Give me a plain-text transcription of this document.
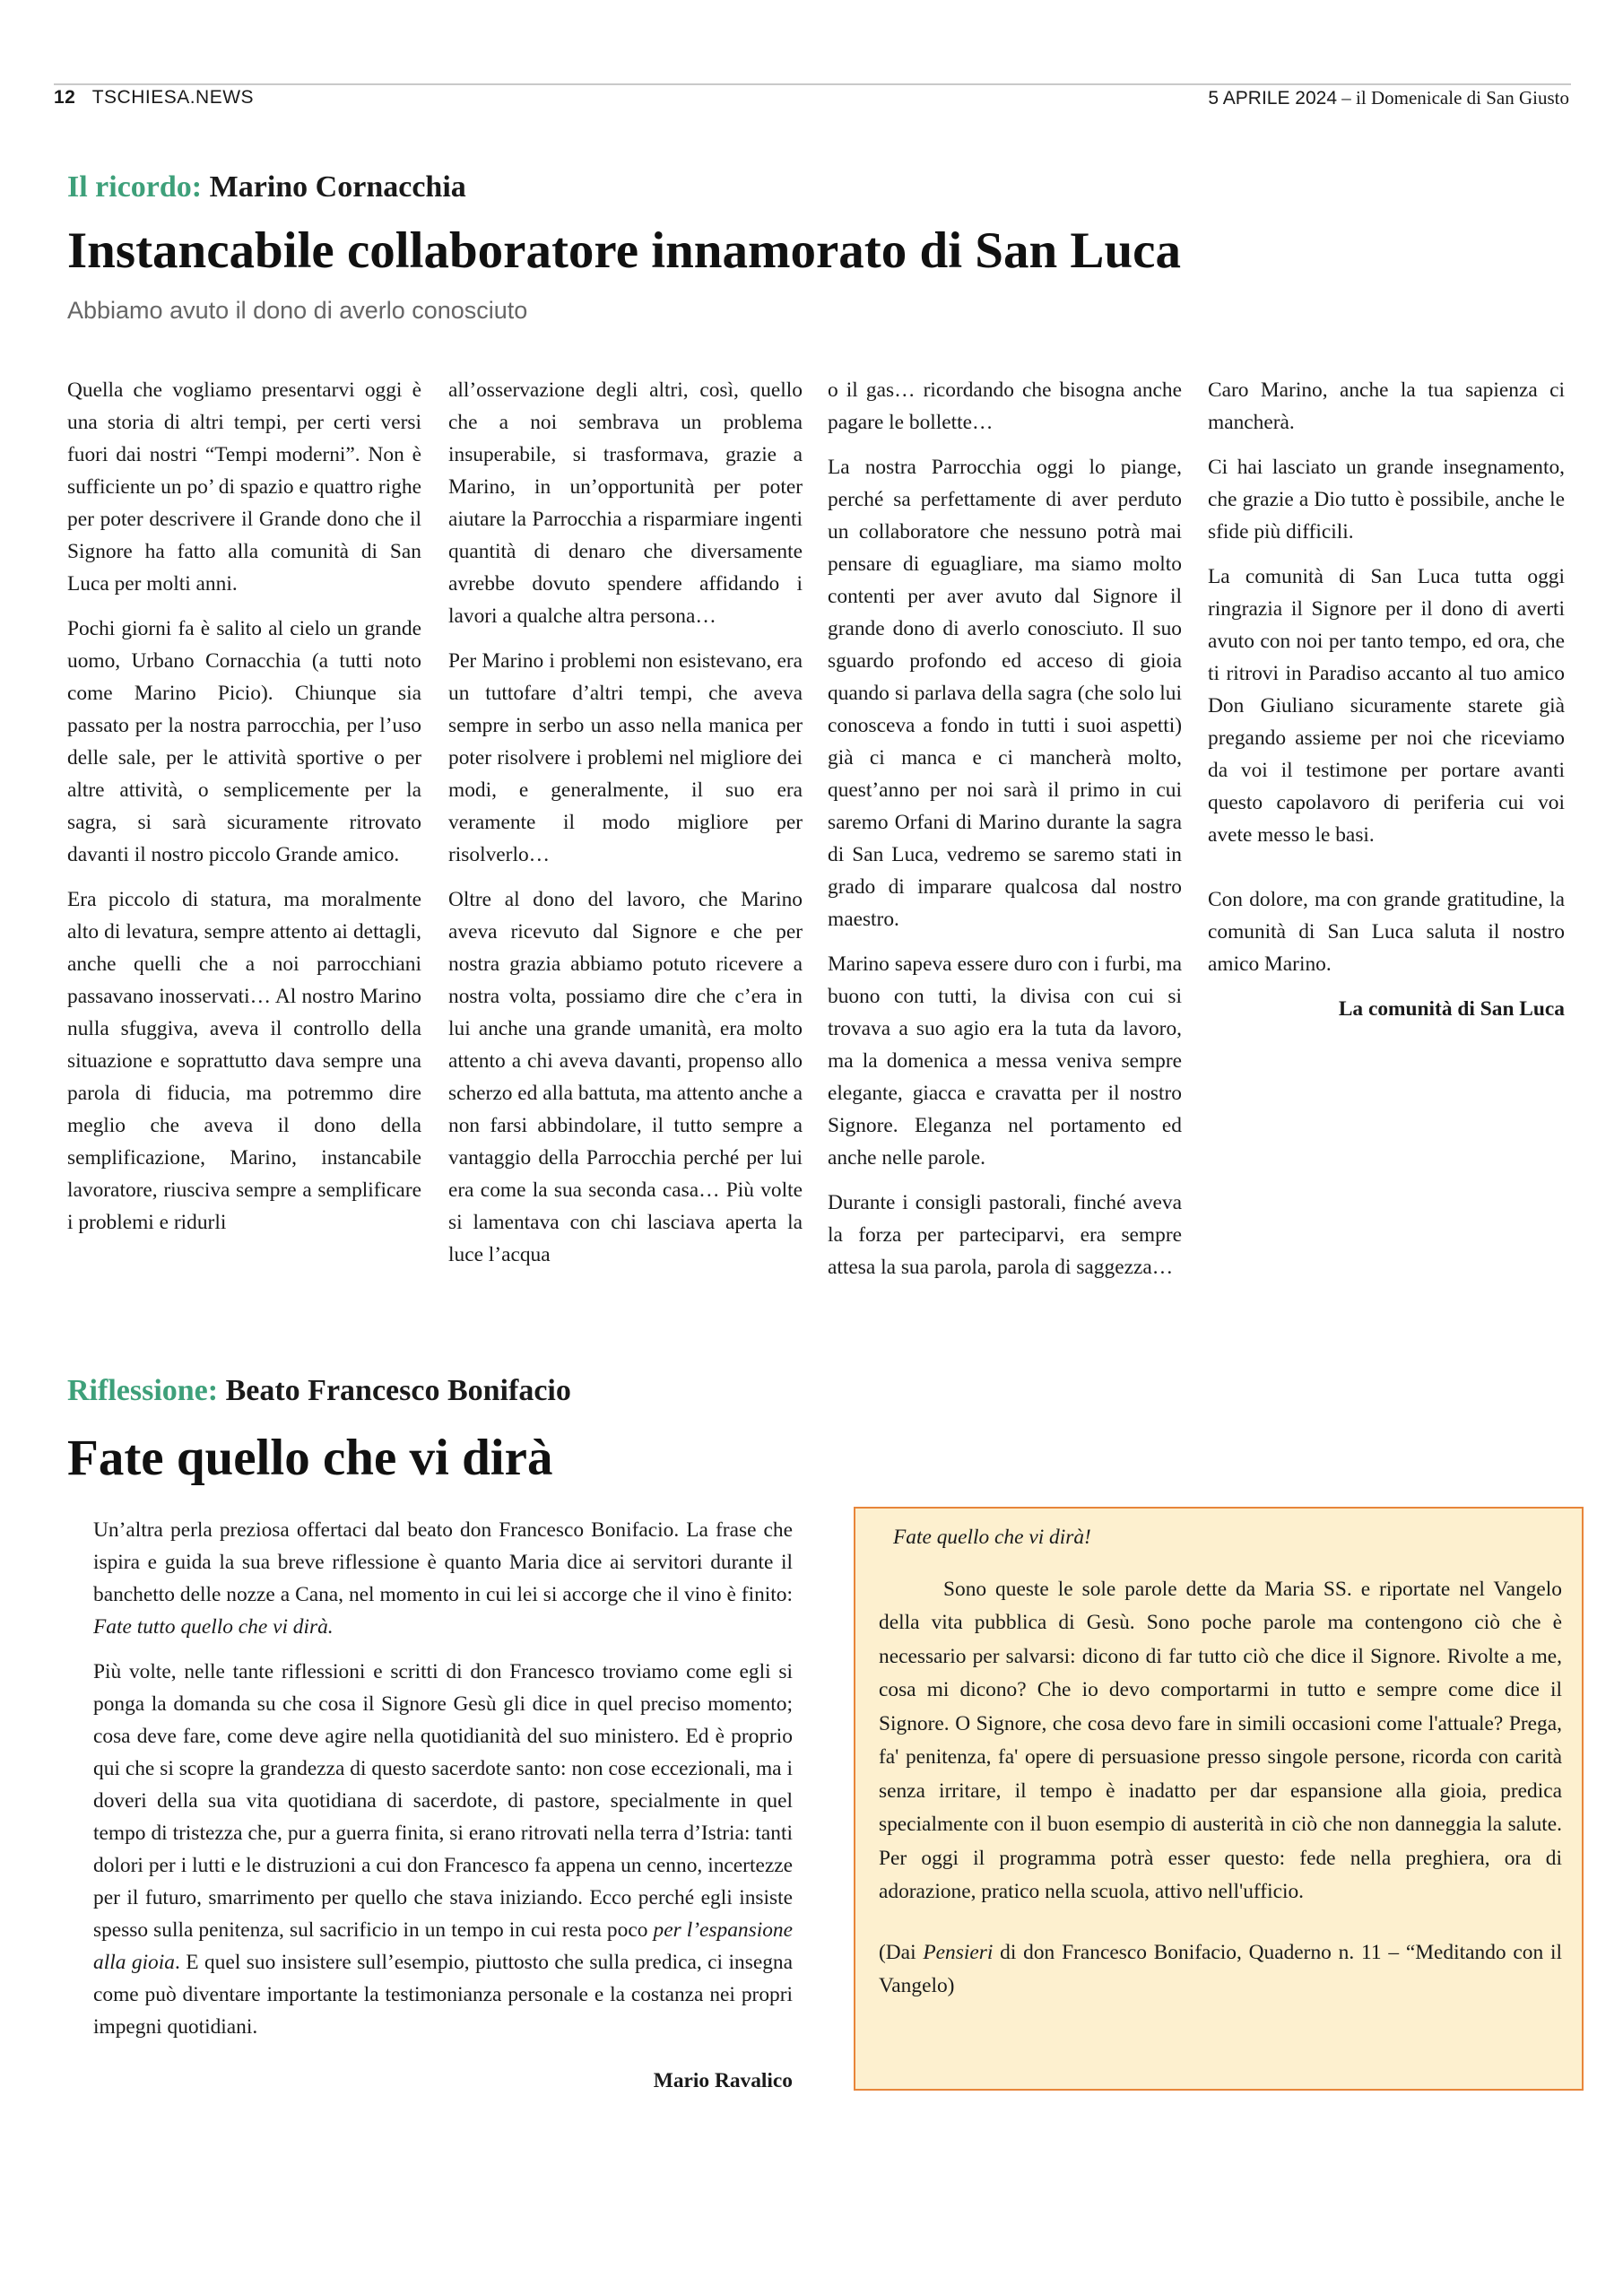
12 TSCHIESA.NEWS	5 APRILE 2024 – il Domenicale di San Giusto
Il ricordo: Marino Cornacchia
Instancabile collaboratore innamorato di San Luca
Abbiamo avuto il dono di averlo conosciuto

Quella che vogliamo presentarvi oggi è una storia di altri tempi, per certi versi fuori dai nostri “Tempi moderni”. Non è sufficiente un po’ di spazio e quattro righe per poter descrivere il Grande dono che il Signore ha fatto alla comunità di San Luca per molti anni.

Pochi giorni fa è salito al cielo un grande uomo, Urbano Cornacchia (a tutti noto come Marino Picio). Chiunque sia passato per la nostra parrocchia, per l’uso delle sale, per le attività sportive o per altre attività, o semplicemente per la sagra, si sarà sicuramente ritrovato davanti il nostro piccolo Grande amico.

Era piccolo di statura, ma moralmente alto di levatura, sempre attento ai dettagli, anche quelli che a noi parrocchiani passavano inosservati… Al nostro Marino nulla sfuggiva, aveva il controllo della situazione e soprattutto dava sempre una parola di fiducia, ma potremmo dire meglio che aveva il dono della semplificazione, Marino, instancabile lavoratore, riusciva sempre a semplificare i problemi e ridurli

all’osservazione degli altri, così, quello che a noi sembrava un problema insuperabile, si trasformava, grazie a Marino, in un’opportunità per poter aiutare la Parrocchia a risparmiare ingenti quantità di denaro che diversamente avrebbe dovuto spendere affidando i lavori a qualche altra persona…

Per Marino i problemi non esistevano, era un tuttofare d’altri tempi, che aveva sempre in serbo un asso nella manica per poter risolvere i problemi nel migliore dei modi, e generalmente, il suo era veramente il modo migliore per risolverlo…

Oltre al dono del lavoro, che Marino aveva ricevuto dal Signore e che per nostra grazia abbiamo potuto ricevere a nostra volta, possiamo dire che c’era in lui anche una grande umanità, era molto attento a chi aveva davanti, propenso allo scherzo ed alla battuta, ma attento anche a non farsi abbindolare, il tutto sempre a vantaggio della Parrocchia perché per lui era come la sua seconda casa… Più volte si lamentava con chi lasciava aperta la luce l’acqua

o il gas… ricordando che bisogna anche pagare le bollette…

La nostra Parrocchia oggi lo piange, perché sa perfettamente di aver perduto un collaboratore che nessuno potrà mai pensare di eguagliare, ma siamo molto contenti per aver avuto dal Signore il grande dono di averlo conosciuto. Il suo sguardo profondo ed acceso di gioia quando si parlava della sagra (che solo lui conosceva a fondo in tutti i suoi aspetti) già ci manca e ci mancherà molto, quest’anno per noi sarà il primo in cui saremo Orfani di Marino durante la sagra di San Luca, vedremo se saremo stati in grado di imparare qualcosa dal nostro maestro.

Marino sapeva essere duro con i furbi, ma buono con tutti, la divisa con cui si trovava a suo agio era la tuta da lavoro, ma la domenica a messa veniva sempre elegante, giacca e cravatta per il nostro Signore. Eleganza nel portamento ed anche nelle parole.

Durante i consigli pastorali, finché aveva la forza per parteciparvi, era sempre attesa la sua parola, parola di saggezza…

Caro Marino, anche la tua sapienza ci mancherà.

Ci hai lasciato un grande insegnamento, che grazie a Dio tutto è possibile, anche le sfide più difficili.

La comunità di San Luca tutta oggi ringrazia il Signore per il dono di averti avuto con noi per tanto tempo, ed ora, che ti ritrovi in Paradiso accanto al tuo amico Don Giuliano sicuramente starete già pregando assieme per noi che riceviamo da voi il testimone per portare avanti questo capolavoro di periferia cui voi avete messo le basi.

Con dolore, ma con grande gratitudine, la comunità di San Luca saluta il nostro amico Marino.

La comunità di San Luca

Riflessione: Beato Francesco Bonifacio
Fate quello che vi dirà

Un’altra perla preziosa offertaci dal beato don Francesco Bonifacio. La frase che ispira e guida la sua breve riflessione è quanto Maria dice ai servitori durante il banchetto delle nozze a Cana, nel momento in cui lei si accorge che il vino è finito: Fate tutto quello che vi dirà.

Più volte, nelle tante riflessioni e scritti di don Francesco troviamo come egli si ponga la domanda su che cosa il Signore Gesù gli dice in quel preciso momento; cosa deve fare, come deve agire nella quotidianità del suo ministero. Ed è proprio qui che si scopre la grandezza di questo sacerdote santo: non cose eccezionali, ma i doveri della sua vita quotidiana di sacerdote, di pastore, specialmente in quel tempo di tristezza che, pur a guerra finita, si erano ritrovati nella terra d’Istria: tanti dolori per i lutti e le distruzioni a cui don Francesco fa appena un cenno, incertezze per il futuro, smarrimento per quello che stava iniziando. Ecco perché egli insiste spesso sulla penitenza, sul sacrificio in un tempo in cui resta poco per l’espansione alla gioia. E quel suo insistere sull’esempio, piuttosto che sulla predica, ci insegna come può diventare importante la testimonianza personale e la costanza nei propri impegni quotidiani.

Mario Ravalico

Fate quello che vi dirà!

Sono queste le sole parole dette da Maria SS. e riportate nel Vangelo della vita pubblica di Gesù. Sono poche parole ma contengono ciò che è necessario per salvarsi: dicono di far tutto ciò che dice il Signore. Rivolte a me, cosa mi dicono? Che io devo comportarmi in tutto e sempre come dice il Signore. O Signore, che cosa devo fare in simili occasioni come l'attuale? Prega, fa' penitenza, fa' opere di persuasione presso singole persone, ricorda con carità senza irritare, il tempo è inadatto per dar espansione alla gioia, predica specialmente con il buon esempio di austerità in ciò che non danneggia la salute. Per oggi il programma potrà esser questo: fede nella preghiera, ora di adorazione, pratico nella scuola, attivo nell'ufficio.

(Dai Pensieri di don Francesco Bonifacio, Quaderno n. 11 – “Meditando con il Vangelo)
